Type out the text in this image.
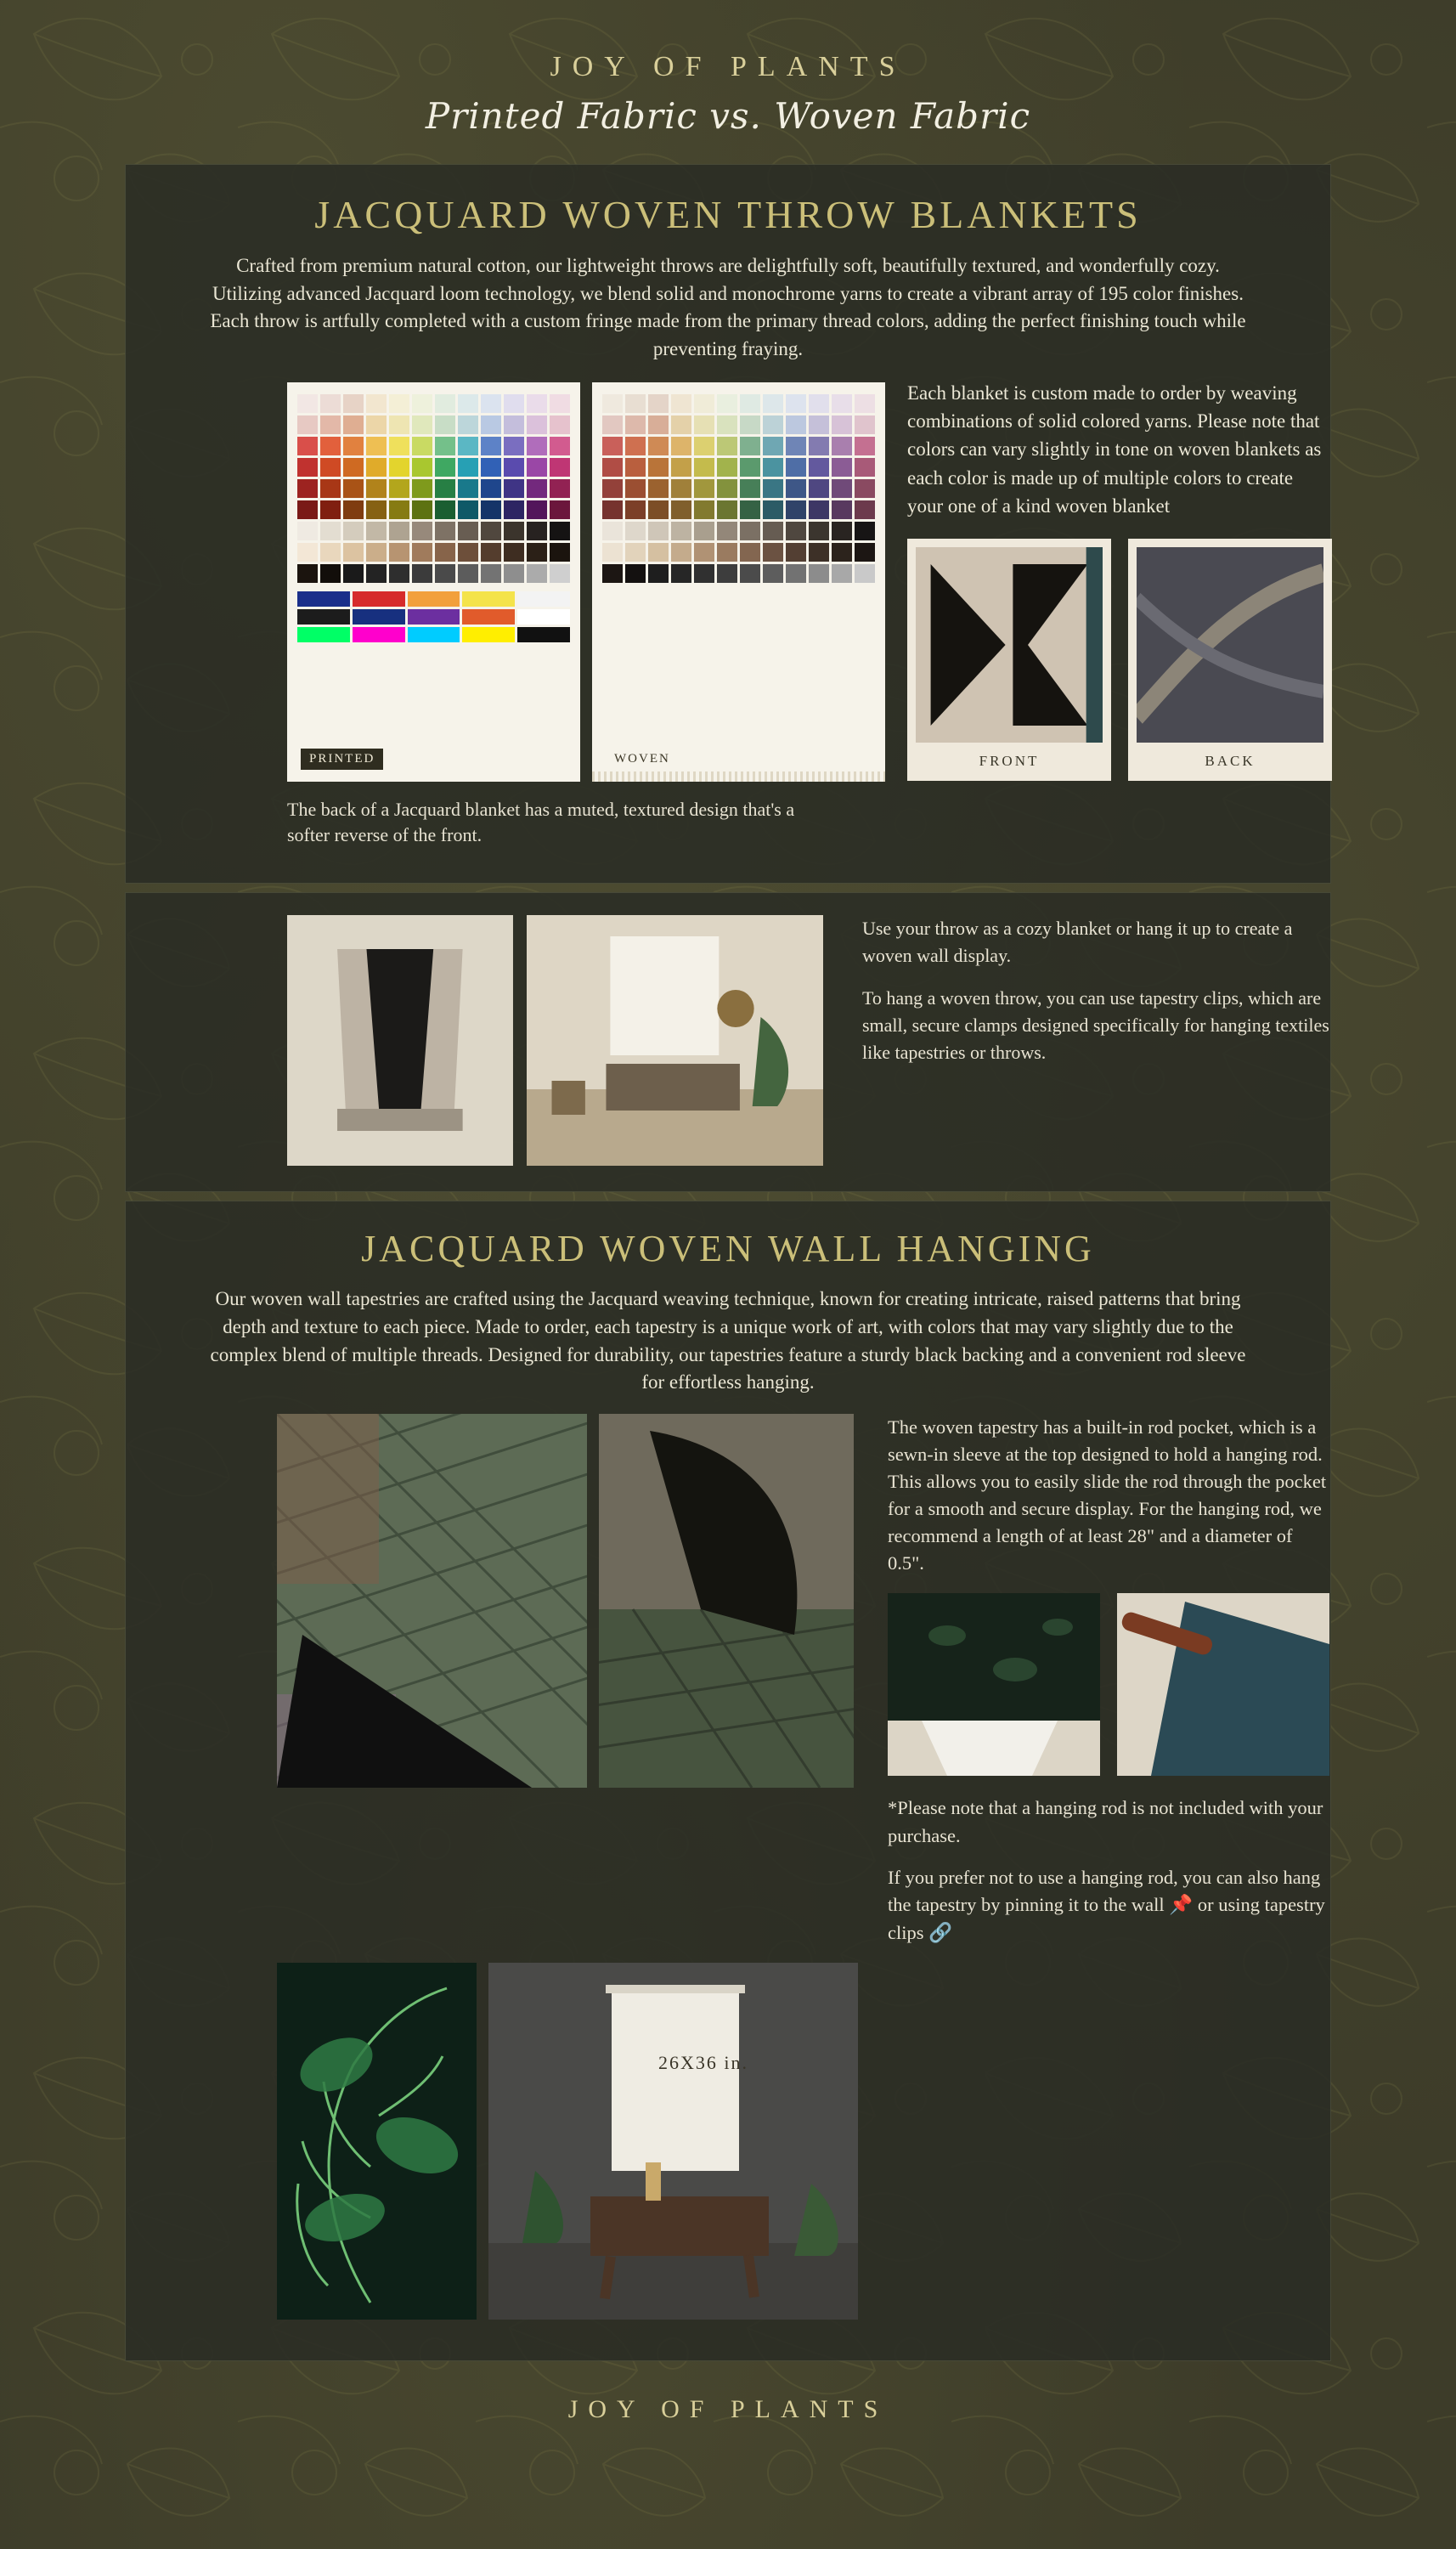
JOY OF PLANTS
Printed Fabric vs. Woven Fabric
JACQUARD WOVEN THROW BLANKETS
Crafted from premium natural cotton, our lightweight throws are delightfully soft, beautifully textured, and wonderfully cozy. Utilizing advanced Jacquard loom technology, we blend solid and monochrome yarns to create a vibrant array of 195 color finishes. Each throw is artfully completed with a custom fringe made from the primary thread colors, adding the perfect finishing touch while preventing fraying.
PRINTED	WOVEN
Each blanket is custom made to order by weaving combinations of solid colored yarns. Please note that colors can vary slightly in tone on woven blankets as each color is made up of multiple colors to create your one of a kind woven blanket
FRONT	BACK
The back of a Jacquard blanket has a muted, textured design that's a softer reverse of the front.

Use your throw as a cozy blanket or hang it up to create a woven wall display.

To hang a woven throw, you can use tapestry clips, which are small, secure clamps designed specifically for hanging textiles like tapestries or throws.

JACQUARD WOVEN WALL HANGING
Our woven wall tapestries are crafted using the Jacquard weaving technique, known for creating intricate, raised patterns that bring depth and texture to each piece. Made to order, each tapestry is a unique work of art, with colors that may vary slightly due to the complex blend of multiple threads. Designed for durability, our tapestries feature a sturdy black backing and a convenient rod sleeve for effortless hanging.
The woven tapestry has a built-in rod pocket, which is a sewn-in sleeve at the top designed to hold a hanging rod. This allows you to easily slide the rod through the pocket for a smooth and secure display. For the hanging rod, we recommend a length of at least 28" and a diameter of 0.5".
*Please note that a hanging rod is not included with your purchase.
If you prefer not to use a hanging rod, you can also hang the tapestry by pinning it to the wall 📌 or using tapestry clips 🔗
26X36 in.
JOY OF PLANTS
